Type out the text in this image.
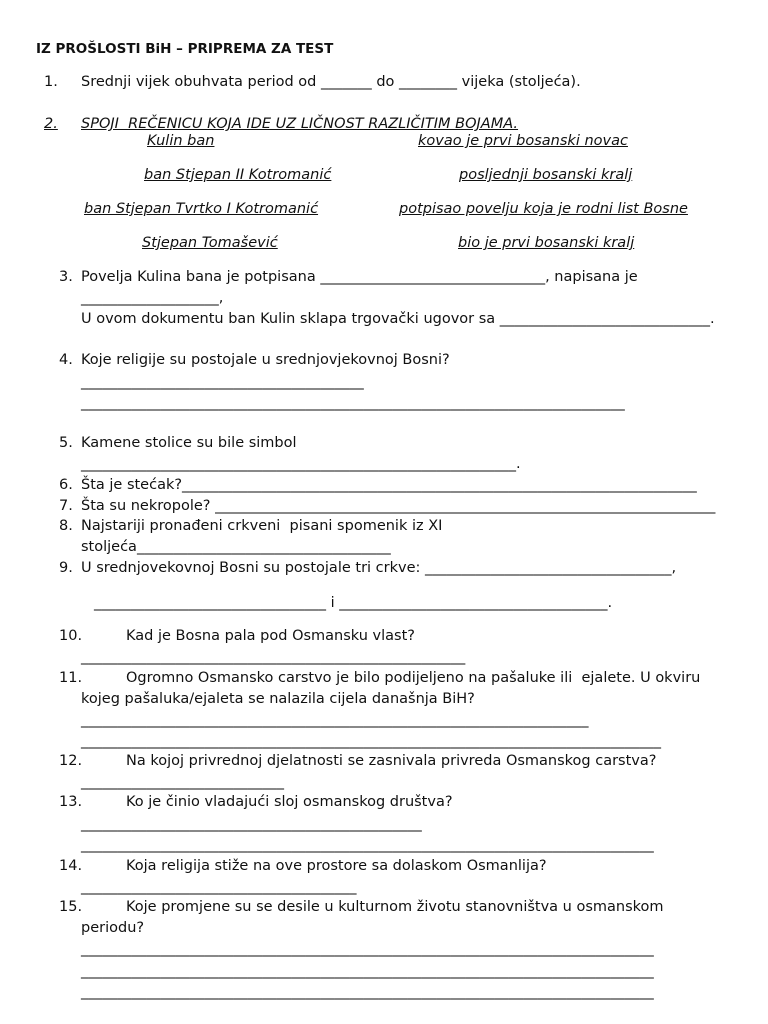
IZ PROŠLOSTI BiH – PRIPREMA ZA TEST
1. Srednji vijek obuhvata period od _______ do ________ vijeka (stoljeća).
2. SPOJI  REČENICU KOJA IDE UZ LIČNOST RAZLIČITIM BOJAMA.
Kulin ban	kovao je prvi bosanski novac
ban Stjepan II Kotromanić	posljednji bosanski kralj
ban Stjepan Tvrtko I Kotromanić	potpisao povelju koja je rodni list Bosne
Stjepan Tomašević	bio je prvi bosanski kralj
3. Povelja Kulina bana je potpisana _______________________________, napisana je
___________________,
U ovom dokumentu ban Kulin sklapa trgovački ugovor sa _____________________________.
4. Koje religije su postojale u srednjovjekovnoj Bosni?
_______________________________________
___________________________________________________________________________
5. Kamene stolice su bile simbol
____________________________________________________________.
6. Šta je stećak?_______________________________________________________________________
7. Šta su nekropole? _____________________________________________________________________
8. Najstariji pronađeni crkveni  pisani spomenik iz XI
stoljeća___________________________________
9. U srednjovekovnoj Bosni su postojale tri crkve: __________________________________,
________________________________ i _____________________________________.
10.	Kad je Bosna pala pod Osmansku vlast?
_____________________________________________________
11.	Ogromno Osmansko carstvo je bilo podijeljeno na pašaluke ili  ejalete. U okviru
kojeg pašaluka/ejaleta se nalazila cijela današnja BiH?
______________________________________________________________________
________________________________________________________________________________
12.	Na kojoj privrednoj djelatnosti se zasnivala privreda Osmanskog carstva?
____________________________
13.	Ko je činio vladajući sloj osmanskog društva?
_______________________________________________
_______________________________________________________________________________
14.	Koja religija stiže na ove prostore sa dolaskom Osmanlija?
______________________________________
15.	Koje promjene su se desile u kulturnom životu stanovništva u osmanskom
periodu?
_______________________________________________________________________________
_______________________________________________________________________________
_______________________________________________________________________________
